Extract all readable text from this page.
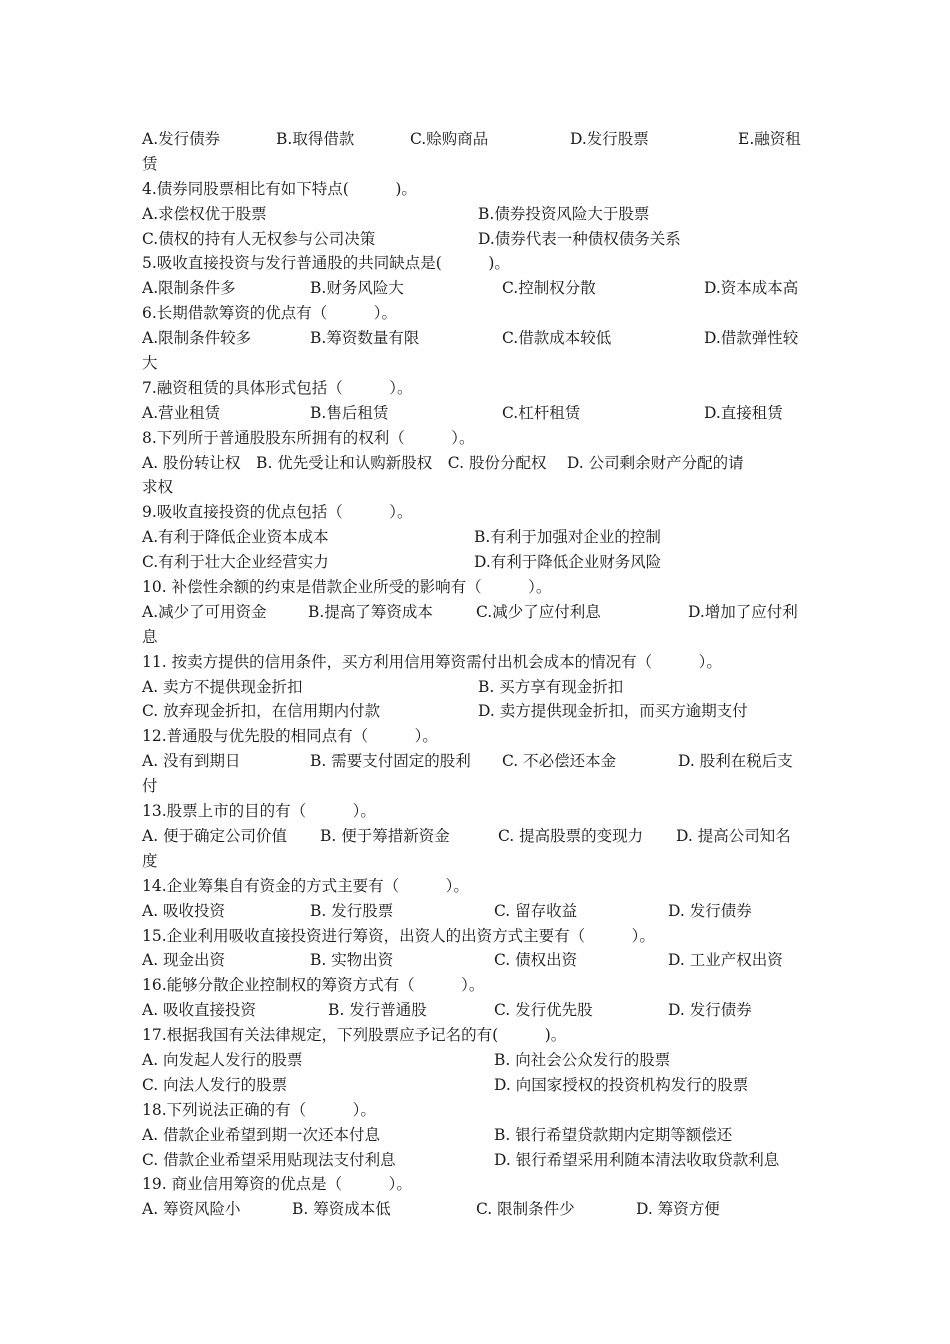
A.发行债券	B.取得借款	C.赊购商品	D.发行股票	E.融资租
赁
4.债券同股票相比有如下特点(　　　)。
A.求偿权优于股票	B.债券投资风险大于股票
C.债权的持有人无权参与公司决策	D.债券代表一种债权债务关系
5.吸收直接投资与发行普通股的共同缺点是(　　　)。
A.限制条件多	B.财务风险大	C.控制权分散	D.资本成本高
6.长期借款筹资的优点有（　　　）。
A.限制条件较多	B.筹资数量有限	C.借款成本较低	D.借款弹性较
大
7.融资租赁的具体形式包括（　　　）。
A.营业租赁	B.售后租赁	C.杠杆租赁	D.直接租赁
8.下列所于普通股股东所拥有的权利（　　　）。
A. 股份转让权　B. 优先受让和认购新股权　C. 股份分配权　 D. 公司剩余财产分配的请
求权
9.吸收直接投资的优点包括（　　　）。
A.有利于降低企业资本成本	B.有利于加强对企业的控制
C.有利于壮大企业经营实力	D.有利于降低企业财务风险
10. 补偿性余额的约束是借款企业所受的影响有（　　　）。
A.减少了可用资金	B.提高了筹资成本	C.减少了应付利息	D.增加了应付利
息
11. 按卖方提供的信用条件，买方利用信用筹资需付出机会成本的情况有（　　　）。
A. 卖方不提供现金折扣	B. 买方享有现金折扣
C. 放弃现金折扣，在信用期内付款	D. 卖方提供现金折扣，而买方逾期支付
12.普通股与优先股的相同点有（　　　）。
A. 没有到期日	B. 需要支付固定的股利 C. 不必偿还本金	D. 股利在税后支
付
13.股票上市的目的有（　　　）。
A. 便于确定公司价值 B. 便于筹措新资金	C. 提高股票的变现力 D. 提高公司知名
度
14.企业筹集自有资金的方式主要有（　　　）。
A. 吸收投资	B. 发行股票	C. 留存收益	D. 发行债券
15.企业利用吸收直接投资进行筹资，出资人的出资方式主要有（　　　）。
A. 现金出资	B. 实物出资	C. 债权出资	D. 工业产权出资
16.能够分散企业控制权的筹资方式有（　　　）。
A. 吸收直接投资	B. 发行普通股	C. 发行优先股	D. 发行债券
17.根据我国有关法律规定，下列股票应予记名的有(　　　)。
A. 向发起人发行的股票	B. 向社会公众发行的股票
C. 向法人发行的股票	D. 向国家授权的投资机构发行的股票
18.下列说法正确的有（　　　）。
A. 借款企业希望到期一次还本付息	B. 银行希望贷款期内定期等额偿还
C. 借款企业希望采用贴现法支付利息	D. 银行希望采用利随本清法收取贷款利息
19. 商业信用筹资的优点是（　　　）。
A. 筹资风险小	B. 筹资成本低	C. 限制条件少	D. 筹资方便
